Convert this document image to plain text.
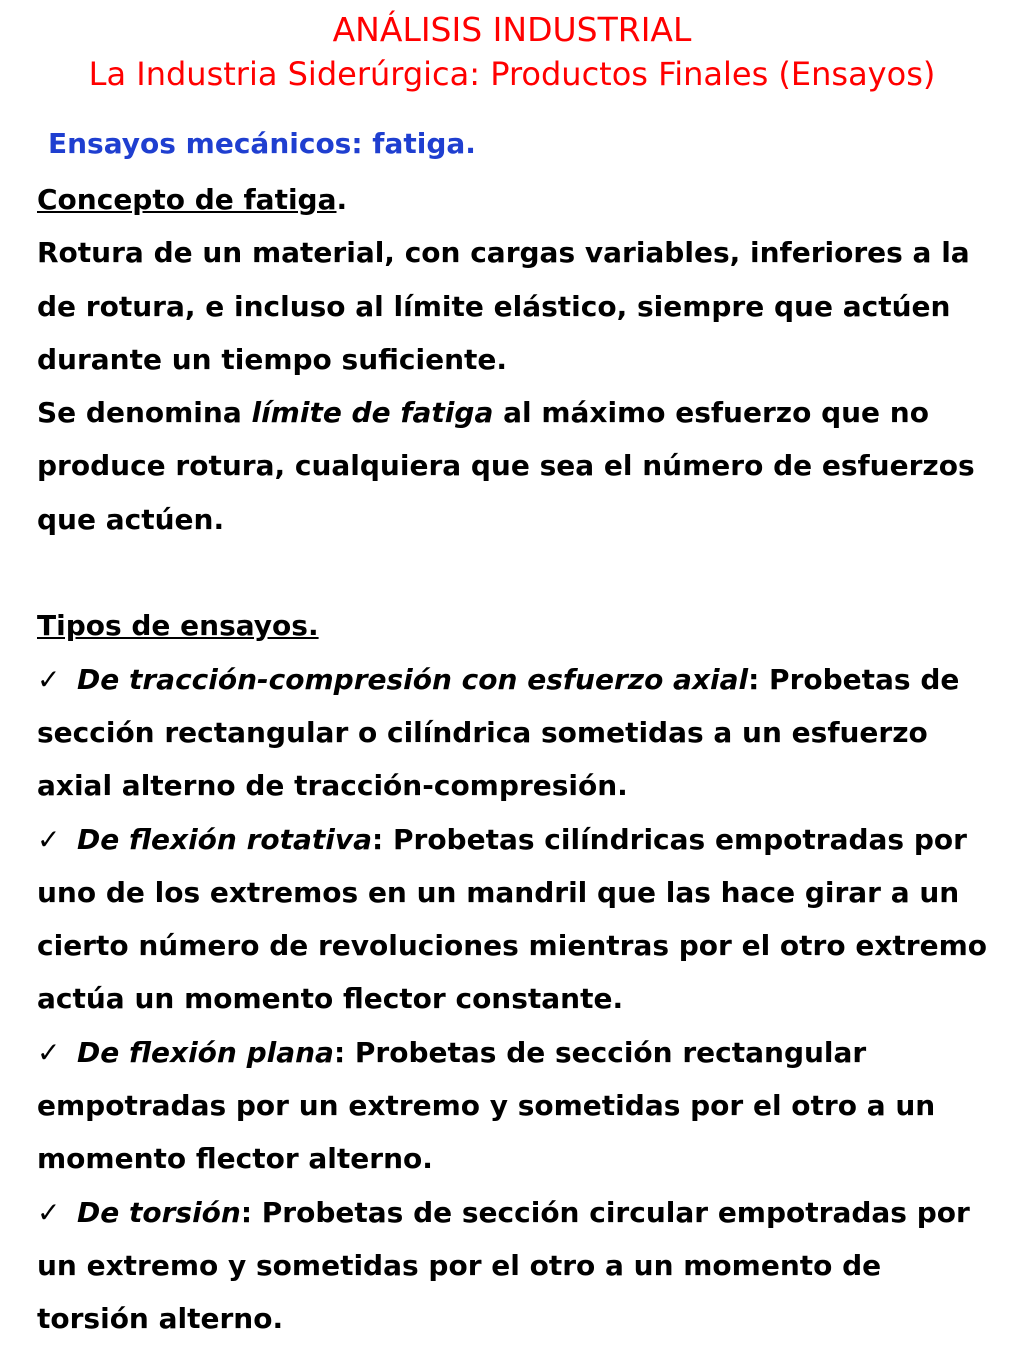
ANÁLISIS INDUSTRIAL
La Industria Siderúrgica: Productos Finales (Ensayos)
Ensayos mecánicos: fatiga.

Concepto de fatiga.

Rotura de un material, con cargas variables, inferiores a la de rotura, e incluso al límite elástico, siempre que actúen durante un tiempo suficiente.

Se denomina límite de fatiga al máximo esfuerzo que no produce rotura, cualquiera que sea el número de esfuerzos que actúen.

Tipos de ensayos.

✓ De tracción-compresión con esfuerzo axial: Probetas de sección rectangular o cilíndrica sometidas a un esfuerzo axial alterno de tracción-compresión.

✓ De flexión rotativa: Probetas cilíndricas empotradas por uno de los extremos en un mandril que las hace girar a un cierto número de revoluciones mientras por el otro extremo actúa un momento flector constante.

✓ De flexión plana: Probetas de sección rectangular empotradas por un extremo y sometidas por el otro a un momento flector alterno.

✓ De torsión: Probetas de sección circular empotradas por un extremo y sometidas por el otro a un momento de torsión alterno.
